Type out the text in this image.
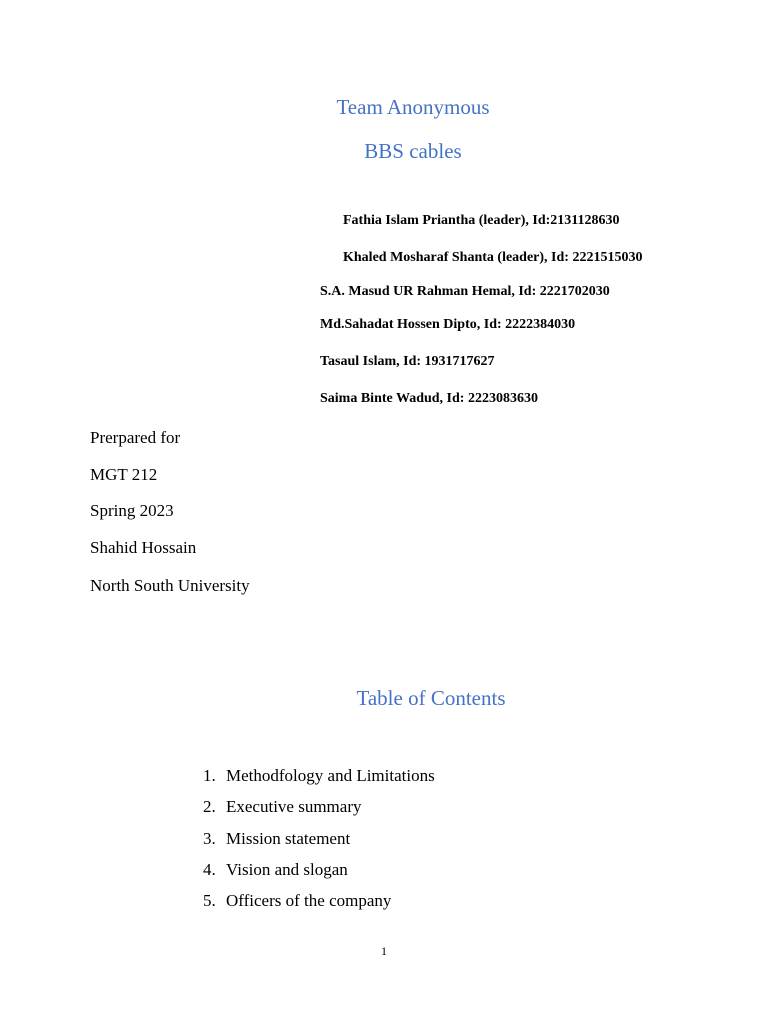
Team Anonymous
BBS cables
Fathia Islam Priantha (leader), Id:2131128630
Khaled Mosharaf Shanta (leader), Id: 2221515030
S.A. Masud UR Rahman Hemal, Id: 2221702030
Md.Sahadat Hossen Dipto, Id: 2222384030
Tasaul Islam, Id: 1931717627
Saima Binte Wadud, Id: 2223083630
Prerpared for
MGT 212
Spring 2023
Shahid Hossain
North South University
Table of Contents
1. Methodfology and Limitations
2. Executive summary
3. Mission statement
4. Vision and slogan
5. Officers of the company
1
